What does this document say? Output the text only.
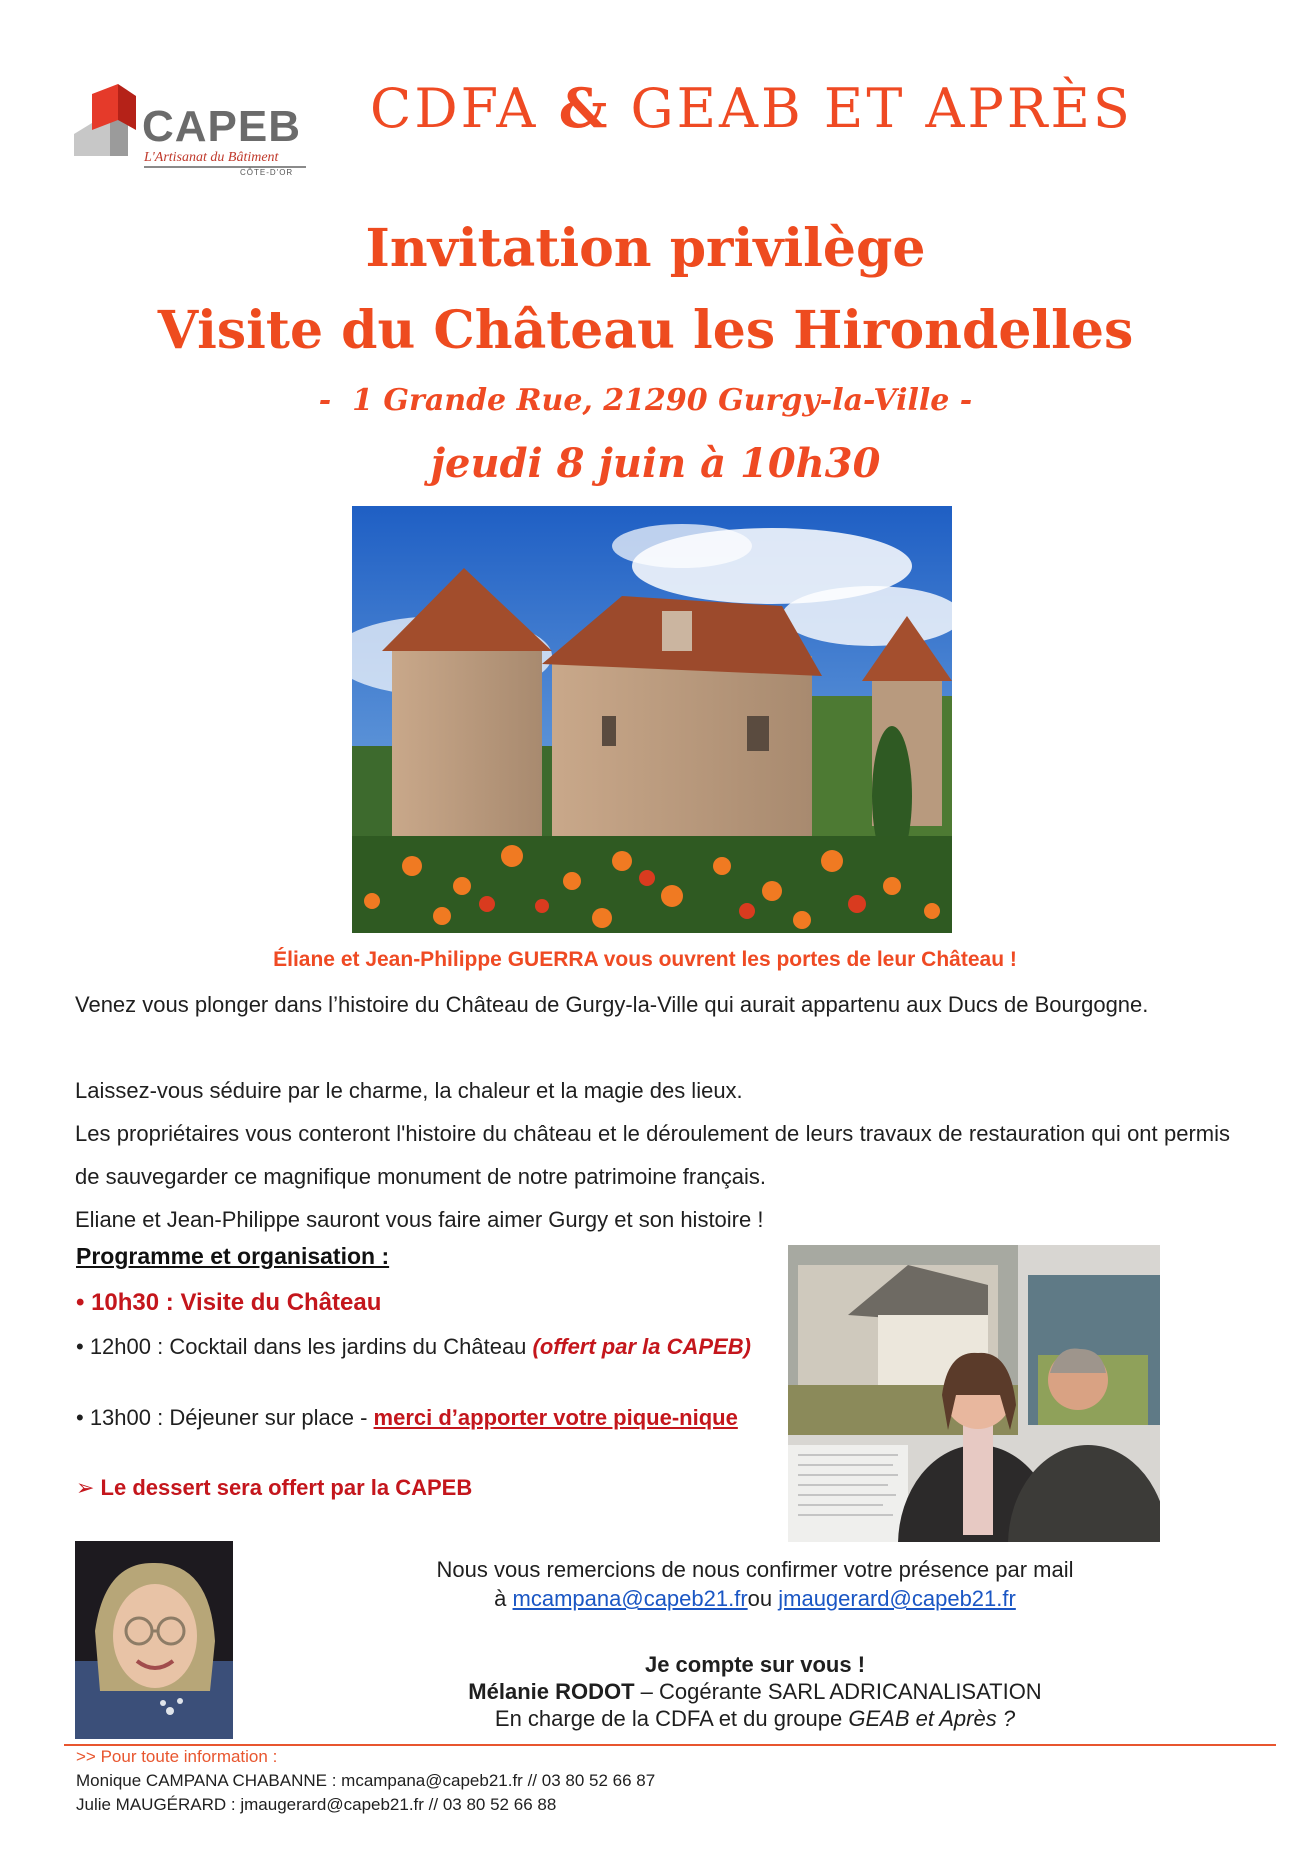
CAPEB
L'Artisanat du Bâtiment
CÔTE-D'OR
CDFA & GEAB ET APRÈS
Invitation privilège
Visite du Château les Hirondelles
-  1 Grande Rue, 21290 Gurgy-la-Ville -
jeudi 8 juin à 10h30
Éliane et Jean-Philippe GUERRA vous ouvrent les portes de leur Château !
Venez vous plonger dans l’histoire du Château de Gurgy-la-Ville qui aurait appartenu aux Ducs de Bourgogne.
Laissez-vous séduire par le charme, la chaleur et la magie des lieux.
Les propriétaires vous conteront l'histoire du château et le déroulement de leurs travaux de restauration qui ont permis de sauvegarder ce magnifique monument de notre patrimoine français.
Eliane et Jean-Philippe sauront vous faire aimer Gurgy et son histoire !
Programme et organisation :
• 10h30 : Visite du Château
• 12h00 : Cocktail dans les jardins du Château (offert par la CAPEB)
• 13h00 : Déjeuner sur place - merci d’apporter votre pique-nique
➢ Le dessert sera offert par la CAPEB
Nous vous remercions de nous confirmer votre présence par mail
à mcampana@capeb21.frou jmaugerard@capeb21.fr
Je compte sur vous !
Mélanie RODOT – Cogérante SARL ADRICANALISATION
En charge de la CDFA et du groupe GEAB et Après ?
>> Pour toute information :
Monique CAMPANA CHABANNE : mcampana@capeb21.fr // 03 80 52 66 87
Julie MAUGÉRARD : jmaugerard@capeb21.fr // 03 80 52 66 88
